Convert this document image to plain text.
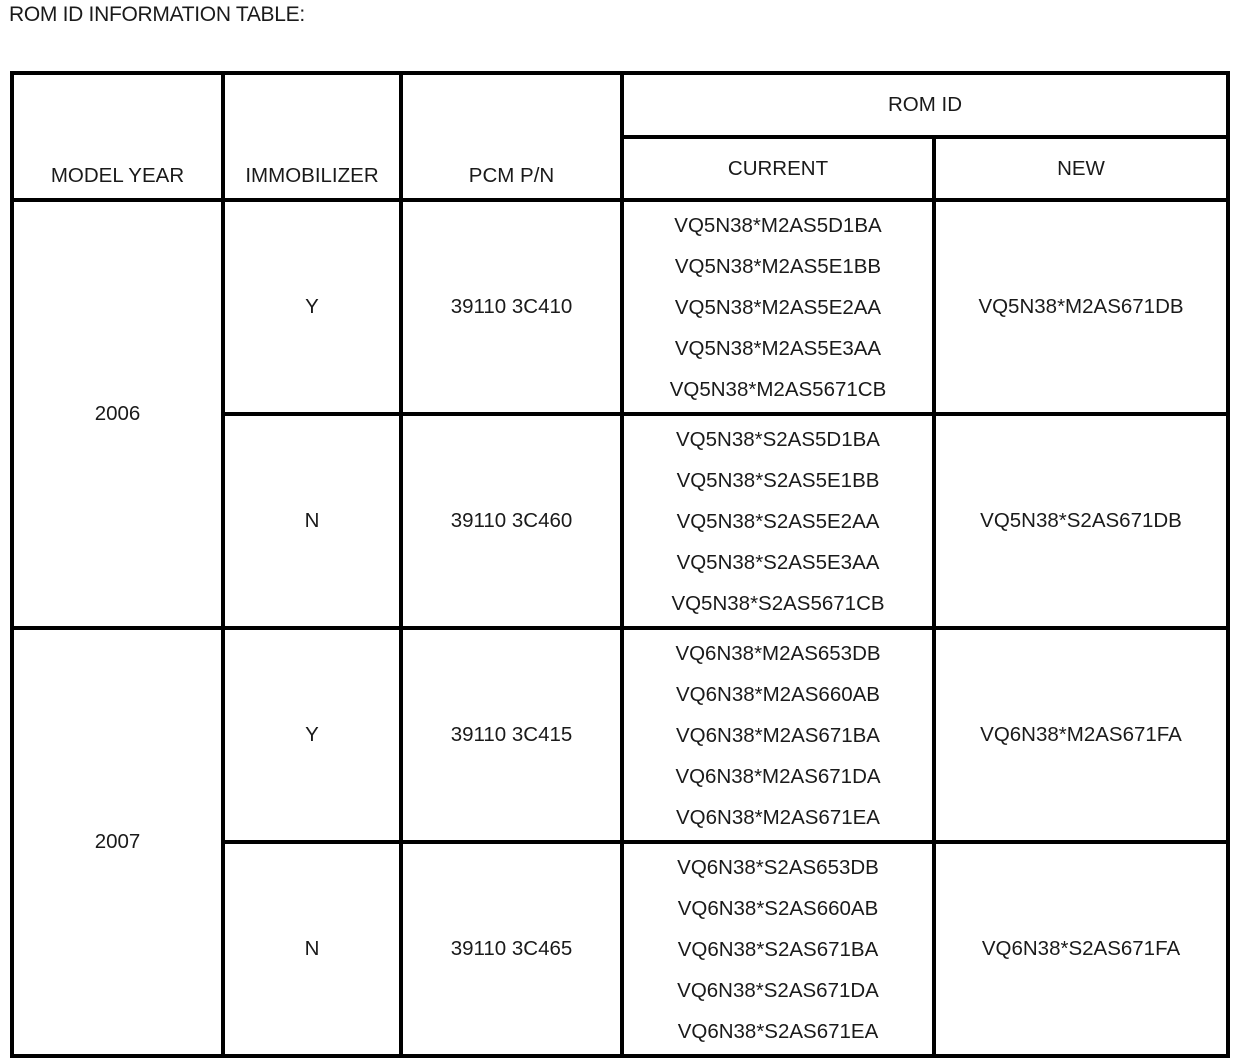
ROM ID INFORMATION TABLE:
MODEL YEAR	IMMOBILIZER	PCM P/N	ROM ID	
			CURRENT	NEW
2006	Y	39110 3C410	VQ5N38*M2AS5D1BA
VQ5N38*M2AS5E1BB
VQ5N38*M2AS5E2AA
VQ5N38*M2AS5E3AA
VQ5N38*M2AS5671CB	VQ5N38*M2AS671DB
	N	39110 3C460	VQ5N38*S2AS5D1BA
VQ5N38*S2AS5E1BB
VQ5N38*S2AS5E2AA
VQ5N38*S2AS5E3AA
VQ5N38*S2AS5671CB	VQ5N38*S2AS671DB
2007	Y	39110 3C415	VQ6N38*M2AS653DB
VQ6N38*M2AS660AB
VQ6N38*M2AS671BA
VQ6N38*M2AS671DA
VQ6N38*M2AS671EA	VQ6N38*M2AS671FA
	N	39110 3C465	VQ6N38*S2AS653DB
VQ6N38*S2AS660AB
VQ6N38*S2AS671BA
VQ6N38*S2AS671DA
VQ6N38*S2AS671EA	VQ6N38*S2AS671FA
